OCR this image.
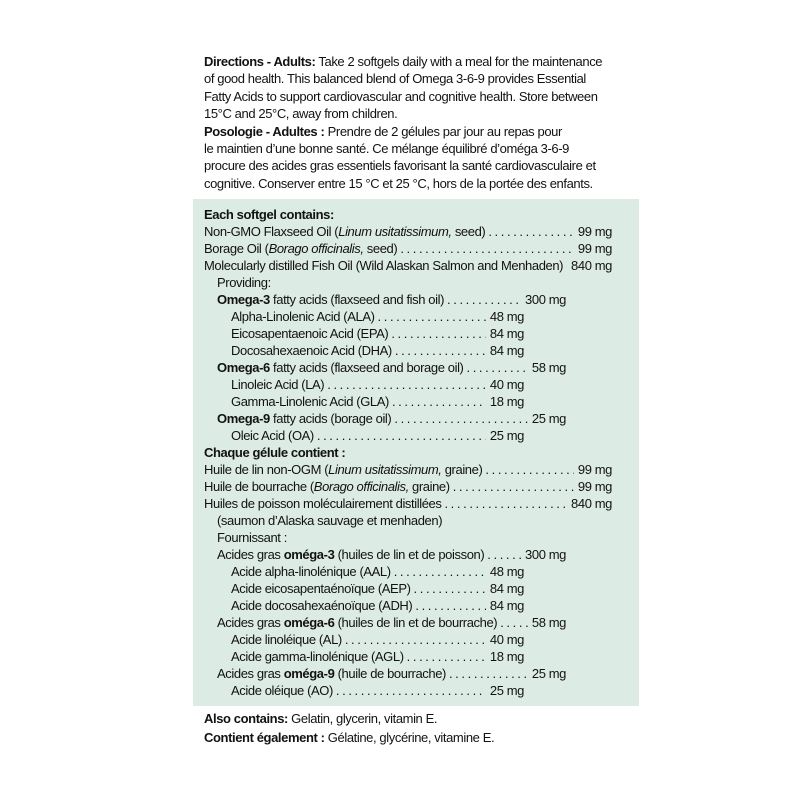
Directions - Adults: Take 2 softgels daily with a meal for the maintenance
of good health. This balanced blend of Omega 3-6-9 provides Essential
Fatty Acids to support cardiovascular and cognitive health. Store between
15°C and 25°C, away from children.
Posologie - Adultes : Prendre de 2 gélules par jour au repas pour
le maintien d’une bonne santé. Ce mélange équilibré d’oméga 3-6-9
procure des acides gras essentiels favorisant la santé cardiovasculaire et
cognitive. Conserver entre 15 °C et 25 °C, hors de la portée des enfants.
Each softgel contains:
Non-GMO Flaxseed Oil (Linum usitatissimum, seed) .....	99 mg
Borage Oil (Borago officinalis, seed) .....	99 mg
Molecularly distilled Fish Oil (Wild Alaskan Salmon and Menhaden) ..... 840 mg
Providing:
Omega-3 fatty acids (flaxseed and fish oil) .....	300 mg
Alpha-Linolenic Acid (ALA) .....	48 mg
Eicosapentaenoic Acid (EPA) .....	84 mg
Docosahexaenoic Acid (DHA) .....	84 mg
Omega-6 fatty acids (flaxseed and borage oil) .....	58 mg
Linoleic Acid (LA) .....	40 mg
Gamma-Linolenic Acid (GLA) .....	18 mg
Omega-9 fatty acids (borage oil) .....	25 mg
Oleic Acid (OA) .....	25 mg
Chaque gélule contient :
Huile de lin non-OGM (Linum usitatissimum, graine) .....	99 mg
Huile de bourrache (Borago officinalis, graine) .....	99 mg
Huiles de poisson moléculairement distillées .....	840 mg
(saumon d’Alaska sauvage et menhaden)
Fournissant :
Acides gras oméga-3 (huiles de lin et de poisson) .....	300 mg
Acide alpha-linolénique (AAL) .....	48 mg
Acide eicosapentaénoïque (AEP) .....	84 mg
Acide docosahexaénoïque (ADH) .....	84 mg
Acides gras oméga-6 (huiles de lin et de bourrache) .....	58 mg
Acide linoléique (AL) .....	40 mg
Acide gamma-linolénique (AGL) .....	18 mg
Acides gras oméga-9 (huile de bourrache) .....	25 mg
Acide oléique (AO) .....	25 mg
Also contains: Gelatin, glycerin, vitamin E.
Contient également : Gélatine, glycérine, vitamine E.
